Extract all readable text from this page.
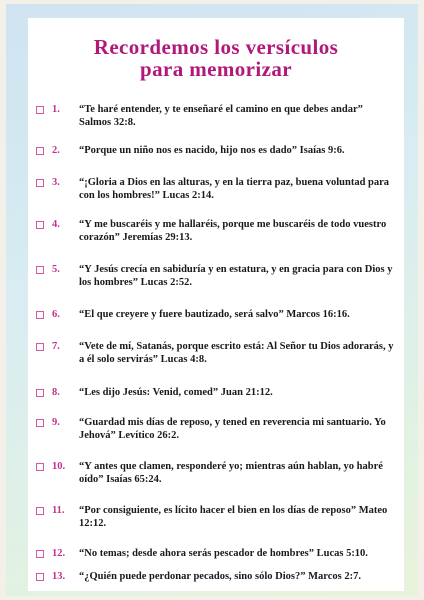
Recordemos los versículos
para memorizar
1. “Te haré entender, y te enseñaré el camino en que debes andar” Salmos 32:8.
2. “Porque un niño nos es nacido, hijo nos es dado” Isaías 9:6.
3. “¡Gloria a Dios en las alturas, y en la tierra paz, buena voluntad para con los hombres!” Lucas 2:14.
4. “Y me buscaréis y me hallaréis, porque me buscaréis de todo vuestro corazón” Jeremías 29:13.
5. “Y Jesús crecía en sabiduría y en estatura, y en gracia para con Dios y los hombres” Lucas 2:52.
6. “El que creyere y fuere bautizado, será salvo” Marcos 16:16.
7. “Vete de mí, Satanás, porque escrito está: Al Señor tu Dios adorarás, y a él solo servirás” Lucas 4:8.
8. “Les dijo Jesús: Venid, comed” Juan 21:12.
9. “Guardad mis días de reposo, y tened en reverencia mi santuario. Yo Jehová” Levítico 26:2.
10. “Y antes que clamen, responderé yo; mientras aún hablan, yo habré oído” Isaías 65:24.
11. “Por consiguiente, es lícito hacer el bien en los días de reposo” Mateo 12:12.
12. “No temas; desde ahora serás pescador de hombres” Lucas 5:10.
13. “¿Quién puede perdonar pecados, sino sólo Dios?” Marcos 2:7.
